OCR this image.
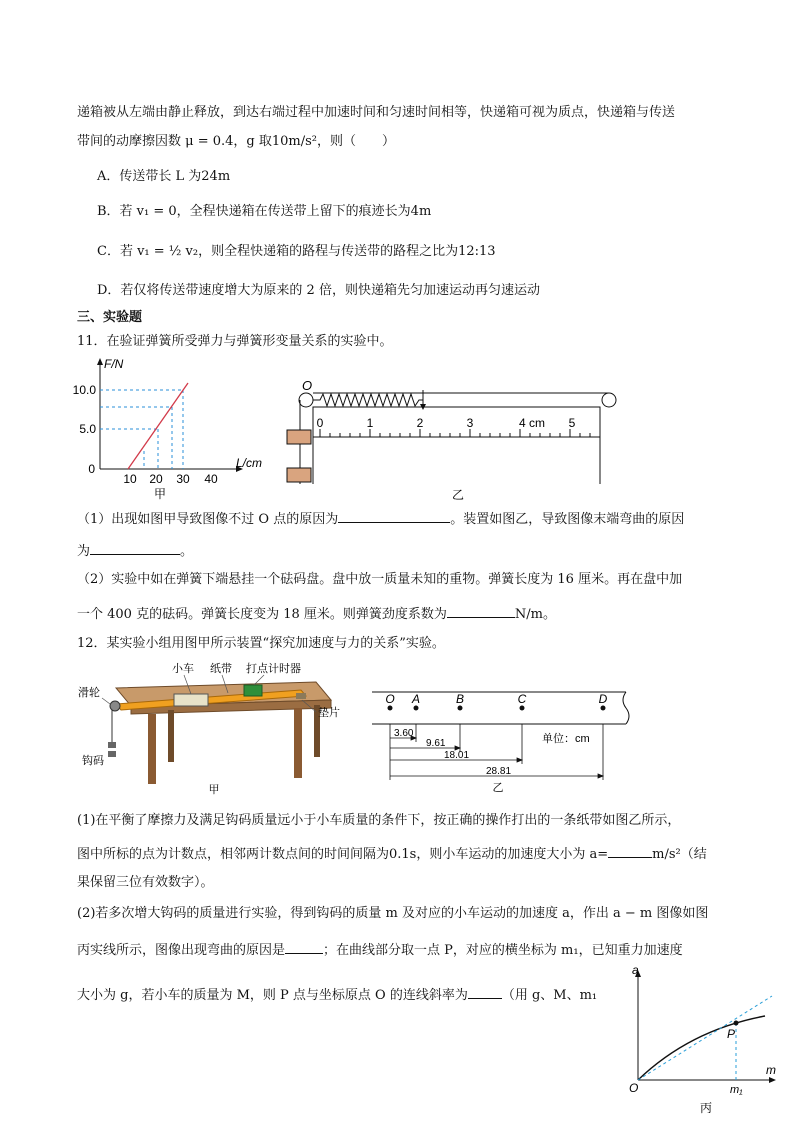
递箱被从左端由静止释放，到达右端过程中加速时间和匀速时间相等，快递箱可视为质点，快递箱与传送
带间的动摩擦因数 μ = 0.4，g 取10m/s²，则（　　）
A．传送带长 L 为24m
B．若 v₁ = 0，全程快递箱在传送带上留下的痕迹长为4m
C．若 v₁ = ½ v₂，则全程快递箱的路程与传送带的路程之比为12:13
D．若仅将传送带速度增大为原来的 2 倍，则快递箱先匀加速运动再匀速运动
三、实验题
11．在验证弹簧所受弹力与弹簧形变量关系的实验中。
F/N
L/cm
10.0
5.0
0
10 20 30 40
甲
O
0	1	2	3	4 cm 5
乙
（1）出现如图甲导致图像不过 O 点的原因为	。装置如图乙，导致图像末端弯曲的原因
为	。
（2）实验中如在弹簧下端悬挂一个砝码盘。盘中放一质量未知的重物。弹簧长度为 16 厘米。再在盘中加
一个 400 克的砝码。弹簧长度变为 18 厘米。则弹簧劲度系数为	N/m。
12．某实验小组用图甲所示装置“探究加速度与力的关系”实验。
小车 纸带 打点计时器
滑轮
垫片
钩码
甲
O A	B	C	D
3.60
9.61
18.01
28.81
单位：cm
乙
(1)在平衡了摩擦力及满足钩码质量远小于小车质量的条件下，按正确的操作打出的一条纸带如图乙所示，
图中所标的点为计数点，相邻两计数点间的时间间隔为0.1s，则小车运动的加速度大小为 a=	m/s²（结
果保留三位有效数字）。
(2)若多次增大钩码的质量进行实验，得到钩码的质量 m 及对应的小车运动的加速度 a，作出 a − m 图像如图
丙实线所示，图像出现弯曲的原因是	；在曲线部分取一点 P，对应的横坐标为 m₁，已知重力加速度
大小为 g，若小车的质量为 M，则 P 点与坐标原点 O 的连线斜率为	（用 g、M、m₁
a
m
O
P
m₁
丙
